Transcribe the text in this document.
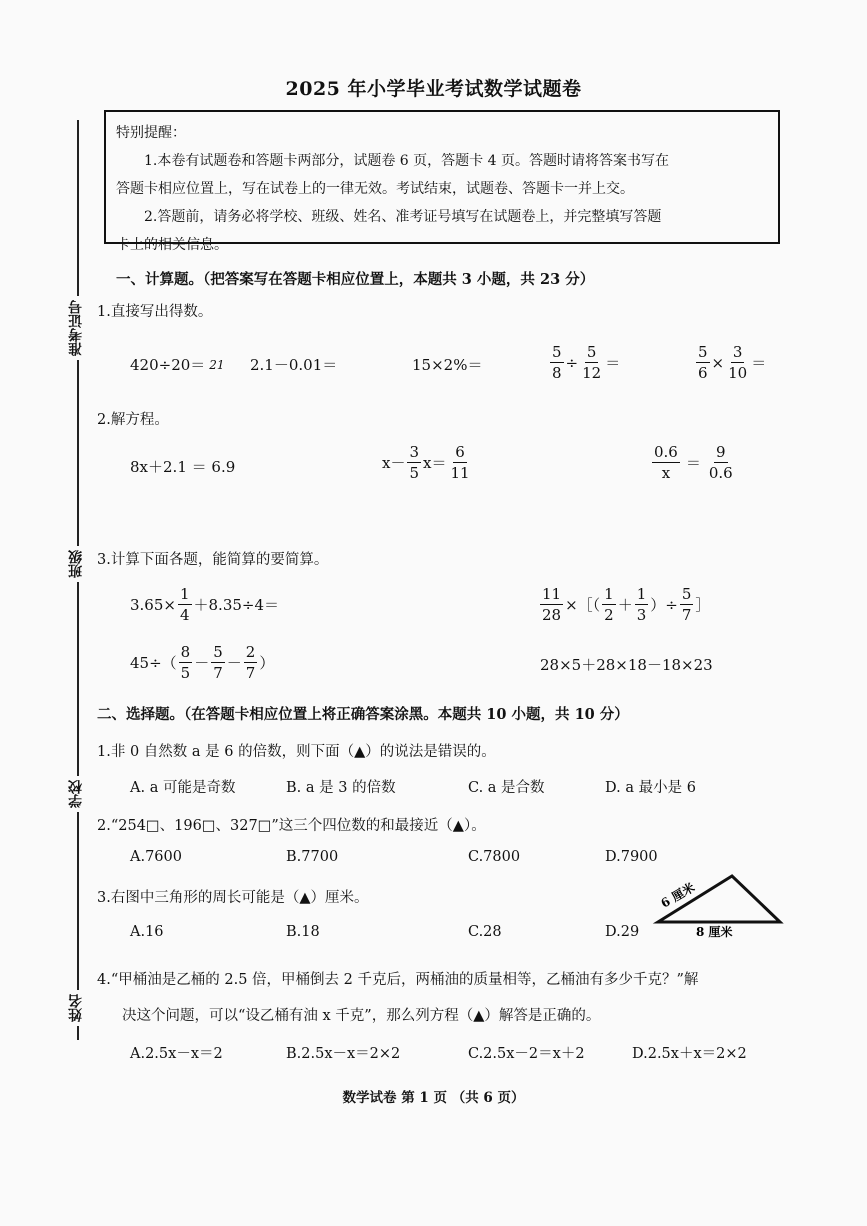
2025 年小学毕业考试数学试题卷
特别提醒：
1.本卷有试题卷和答题卡两部分，试题卷 6 页，答题卡 4 页。答题时请将答案书写在
答题卡相应位置上，写在试卷上的一律无效。考试结束，试题卷、答题卡一并上交。
2.答题前，请务必将学校、班级、姓名、准考证号填写在试题卷上，并完整填写答题
卡上的相关信息。
准考证号
班级
学校
姓名
一、计算题。（把答案写在答题卡相应位置上，本题共 3 小题，共 23 分）
1.直接写出得数。
420÷20＝ 21 2.1－0.01＝	15×2%＝	$\frac{5}{8} \div \frac{5}{12}$ ＝	$\frac{5}{6} \times \frac{3}{10}$ ＝
2.解方程。
8x＋2.1 ＝ 6.9	$x- \frac{3}{5} x= \frac{6}{11}$	$\frac{0.6}{x} = \frac{9}{0.6}$
3.计算下面各题，能简算的要简算。
$3.65\times \frac{1}{4} +8.35\div 4=$	$\frac{11}{28}$ ×［（ $\frac{1}{2} + \frac{1}{3}$ ）÷ $\frac{5}{7}$ ］
$45\div( \frac{8}{5} - \frac{5}{7} - \frac{2}{7}$ ）	28×5＋28×18－18×23
二、选择题。（在答题卡相应位置上将正确答案涂黑。本题共 10 小题，共 10 分）
1.非 0 自然数 a 是 6 的倍数，则下面（▲）的说法是错误的。
A. a 可能是奇数	B. a 是 3 的倍数	C. a 是合数	D. a 最小是 6
2.“254□、196□、327□”这三个四位数的和最接近（▲）。
A.7600	B.7700	C.7800	D.7900
3.右图中三角形的周长可能是（▲）厘米。
A.16	B.18	C.28	D.29
6 厘米
8 厘米
4.“甲桶油是乙桶的 2.5 倍，甲桶倒去 2 千克后，两桶油的质量相等，乙桶油有多少千克？”解
决这个问题，可以“设乙桶有油 x 千克”，那么列方程（▲）解答是正确的。
A.2.5x－x＝2	B.2.5x－x＝2×2	C.2.5x－2＝x＋2	D.2.5x＋x＝2×2
数学试卷 第 1 页 （共 6 页）
